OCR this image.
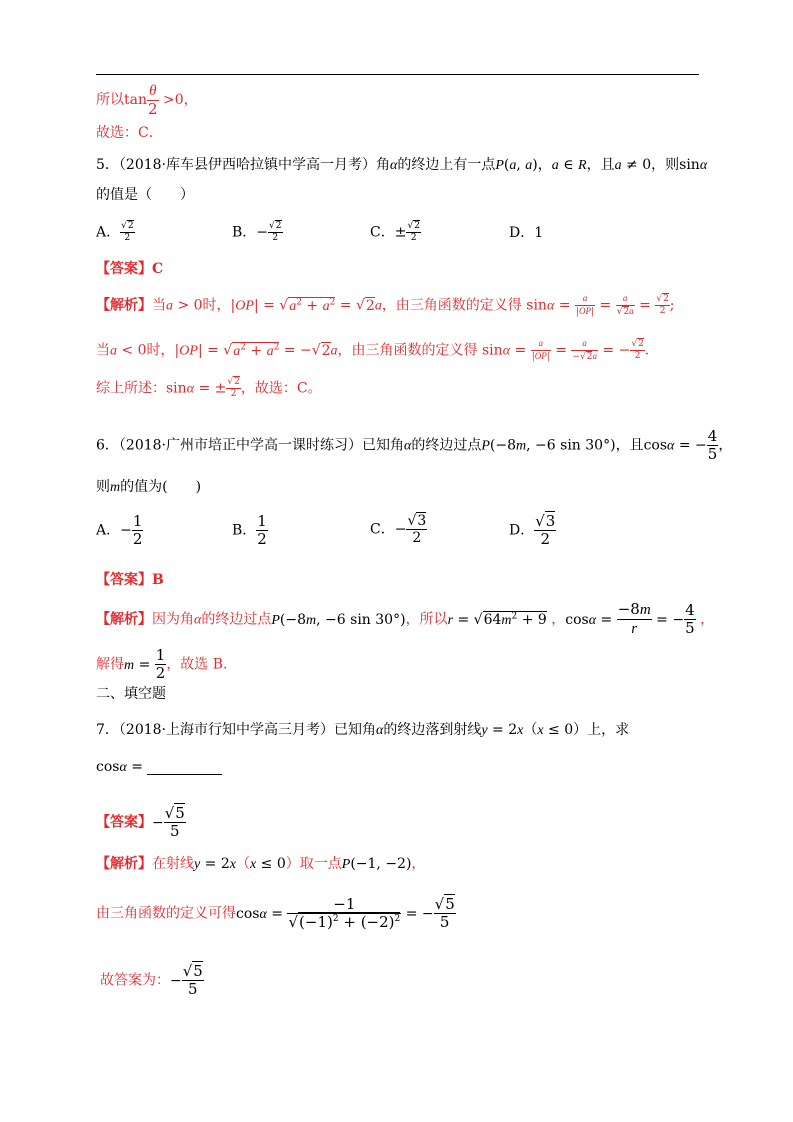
所以$\tan \frac{\theta}{2} >0$，
故选：C．
5．（2018·库车县伊西哈拉镇中学高一月考）角α的终边上有一点P(a, a)，a ∈ R，且a ≠ 0，则sinα
的值是（　　）
A． $\frac{√2}{2}$	B．− $\frac{√2}{2}$	C．± $\frac{√2}{2}$	D．1
【答案】C
【解析】当a > 0时，$|OP| = √a^2 + a^2 = √2a$，由三角函数的定义得 $\sin\alpha = \frac{a}{|OP|} = \frac{a}{√2a} = \frac{√2}{2}$ ;
当a < 0时，$|OP| = √a^2 + a^2 = -√2a$，由三角函数的定义得 $\sin\alpha = \frac{a}{|OP|} = \frac{a}{-√2a}$ = − $\frac{√2}{2}$ .
综上所述：sinα = ± $\frac{√2}{2}$ ，故选：C。
6．（2018·广州市培正中学高一课时练习）已知角α的终边过点P(−8m, −6 sin 30°)，且cosα = − $\frac{4}{5}$ ，
则m的值为(　　)
A．− $\frac{1}{2}$	B． $\frac{1}{2}$	C．− $\frac{√3}{2}$	D． $\frac{√3}{2}$
【答案】B
【解析】因为角α的终边过点P(−8m, −6 sin 30°)，所以$r = √64m^2 + 9$ ，$\cos\alpha = \frac{-8m}{r}$ = − $\frac{4}{5}$ ，
解得$m = \frac{1}{2}$ ，故选 B.
二、填空题
7．（2018·上海市行知中学高三月考）已知角α的终边落到射线y = 2x（x ≤ 0）上，求
cosα =
【答案】− $\frac{√5}{5}$
【解析】在射线y = 2x（x ≤ 0）取一点P(−1, −2)，
由三角函数的定义可得$\cos\alpha = \frac{-1}{√(-1)^2 + (-2)^2}$ = − $\frac{√5}{5}$
故答案为：− $\frac{√5}{5}$
